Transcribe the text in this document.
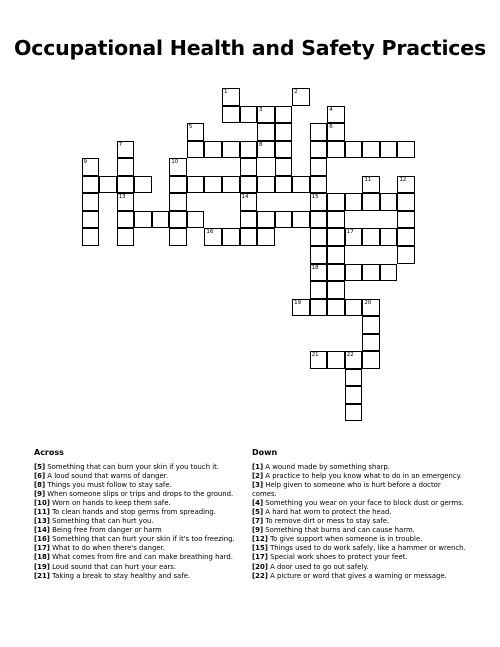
Occupational Health and Safety Practices
1	2
3	4
5	6
7	8
9	10
11	12
13	14	15
16	17
18
19	20
21	22
Across

[5] Something that can burn your skin if you touch it.

[6] A loud sound that warns of danger.

[8] Things you must follow to stay safe.

[9] When someone slips or trips and drops to the ground.

[10] Worn on hands to keep them safe.

[11] To clean hands and stop germs from spreading.

[13] Something that can hurt you.

[14] Being free from danger or harm

[16] Something that can hurt your skin if it's too freezing.

[17] What to do when there's danger.

[18] What comes from fire and can make breathing hard.

[19] Loud sound that can hurt your ears.

[21] Taking a break to stay healthy and safe.

Down

[1] A wound made by something sharp.

[2] A practice to help you know what to do in an emergency.

[3] Help given to someone who is hurt before a doctor comes.

[4] Something you wear on your face to block dust or germs.

[5] A hard hat worn to protect the head.

[7] To remove dirt or mess to stay safe.

[9] Something that burns and can cause harm.

[12] To give support when someone is in trouble.

[15] Things used to do work safely, like a hammer or wrench.

[17] Special work shoes to protect your feet.

[20] A door used to go out safely.

[22] A picture or word that gives a warning or message.
